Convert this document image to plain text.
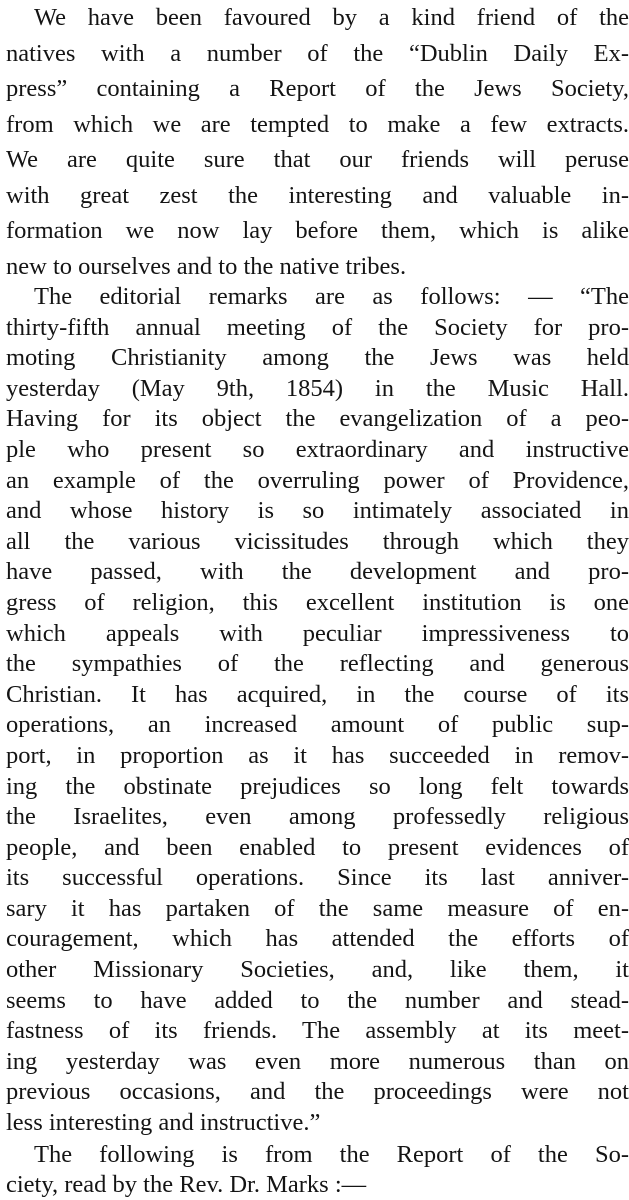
We have been favoured by a kind friend of the
natives with a number of the “Dublin Daily Ex-
press” containing a Report of the Jews Society,
from which we are tempted to make a few extracts.
We are quite sure that our friends will peruse
with great zest the interesting and valuable in-
formation we now lay before them, which is alike
new to ourselves and to the native tribes.
The editorial remarks are as follows: — “The
thirty-fifth annual meeting of the Society for pro-
moting Christianity among the Jews was held
yesterday (May 9th, 1854) in the Music Hall.
Having for its object the evangelization of a peo-
ple who present so extraordinary and instructive
an example of the overruling power of Providence,
and whose history is so intimately associated in
all the various vicissitudes through which they
have passed, with the development and pro-
gress of religion, this excellent institution is one
which appeals with peculiar impressiveness to
the sympathies of the reflecting and generous
Christian. It has acquired, in the course of its
operations, an increased amount of public sup-
port, in proportion as it has succeeded in remov-
ing the obstinate prejudices so long felt towards
the Israelites, even among professedly religious
people, and been enabled to present evidences of
its successful operations. Since its last anniver-
sary it has partaken of the same measure of en-
couragement, which has attended the efforts of
other Missionary Societies, and, like them, it
seems to have added to the number and stead-
fastness of its friends. The assembly at its meet-
ing yesterday was even more numerous than on
previous occasions, and the proceedings were not
less interesting and instructive.”
The following is from the Report of the So-
ciety, read by the Rev. Dr. Marks :—
